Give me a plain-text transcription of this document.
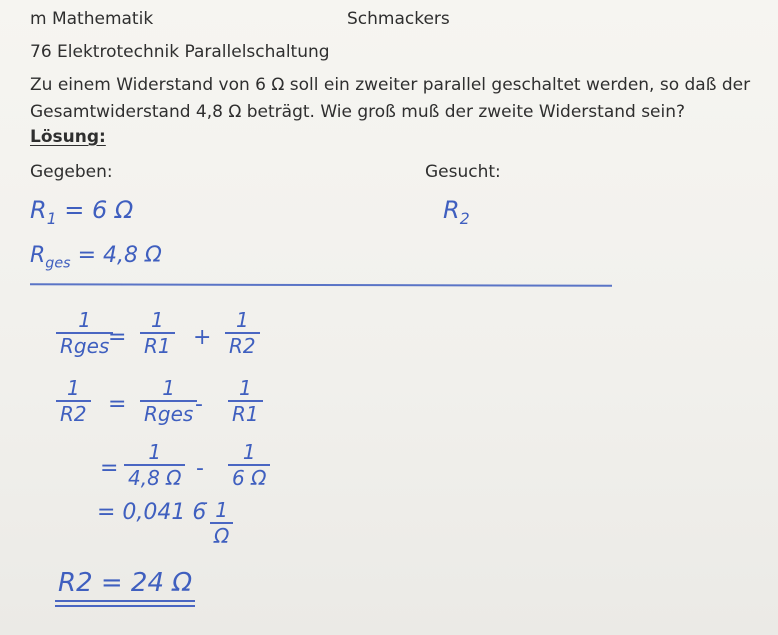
m Mathematik	Schmackers
76 Elektrotechnik Parallelschaltung
Zu einem Widerstand von 6 Ω soll ein zweiter parallel geschaltet werden, so daß der Gesamtwiderstand 4,8 Ω beträgt. Wie groß muß der zweite Widerstand sein?
Lösung:
Gegeben:	Gesucht:
$R_1 = 6$ Ω
$R_{ges} = 4,8$ Ω
$R_2$
1
Rges
= $\frac{1}{R1} + \frac{1}{R2}$
$\frac{1}{R2}$ =
1
Rges - $\frac{1}{R1}$
= $\frac{1}{4,8 \Omega} - \frac{1}{6 \Omega}$
= 0,041 6̄ $\frac{1}{\Omega}$
R2 = 24 Ω
